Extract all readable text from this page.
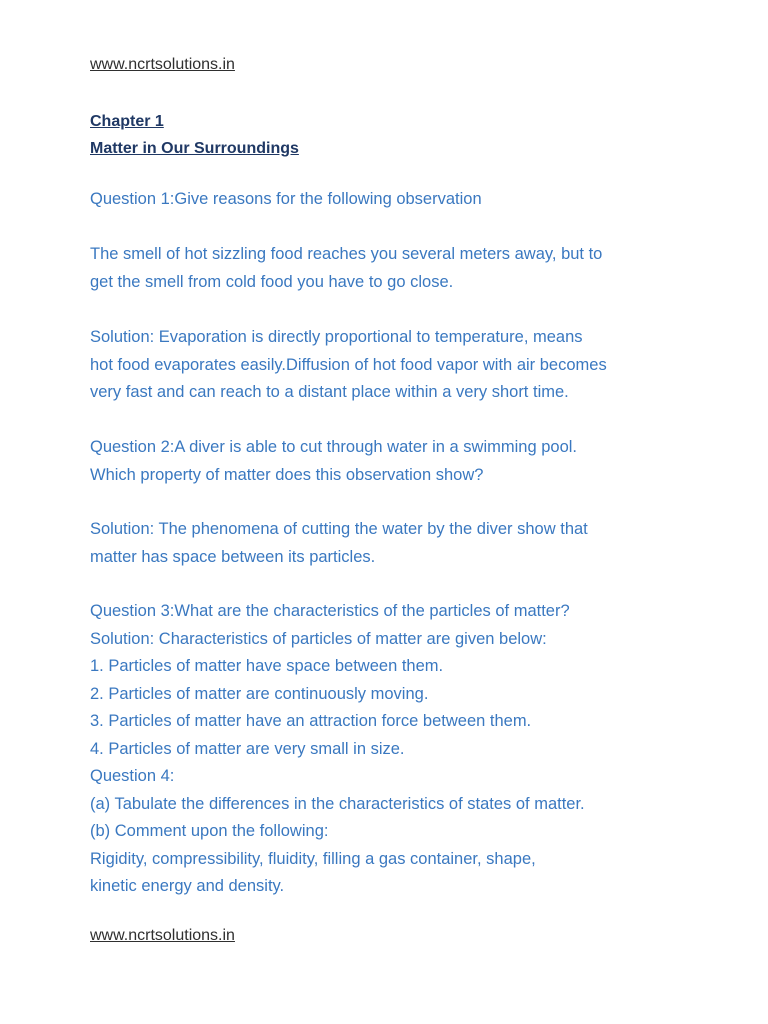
www.ncrtsolutions.in
Chapter 1
Matter in Our Surroundings
Question 1:Give reasons for the following observation
The smell of hot sizzling food reaches you several meters away, but to
get the smell from cold food you have to go close.
Solution: Evaporation is directly proportional to temperature, means
hot food evaporates easily.Diffusion of hot food vapor with air becomes
very fast and can reach to a distant place within a very short time.
Question 2:A diver is able to cut through water in a swimming pool.
Which property of matter does this observation show?
Solution: The phenomena of cutting the water by the diver show that
matter has space between its particles.
Question 3:What are the characteristics of the particles of matter?
Solution: Characteristics of particles of matter are given below:
1. Particles of matter have space between them.
2. Particles of matter are continuously moving.
3. Particles of matter have an attraction force between them.
4. Particles of matter are very small in size.
Question 4:
(a) Tabulate the differences in the characteristics of states of matter.
(b) Comment upon the following:
Rigidity, compressibility, fluidity, filling a gas container, shape,
kinetic energy and density.
www.ncrtsolutions.in
